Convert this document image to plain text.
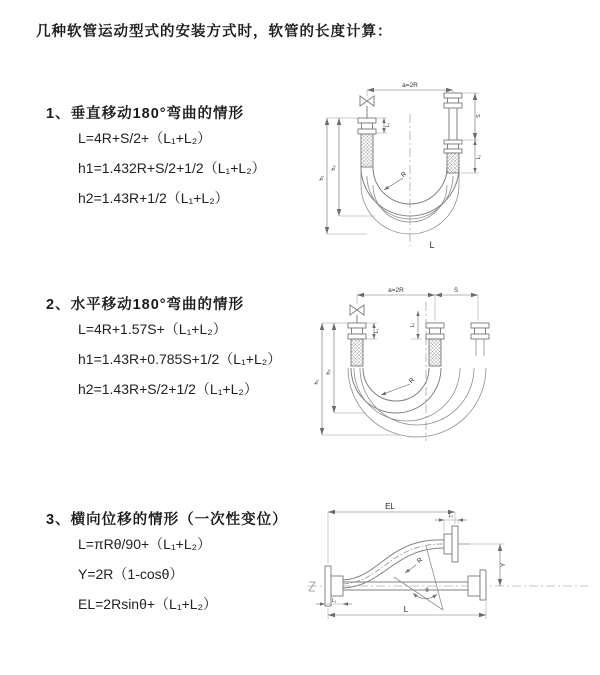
几种软管运动型式的安装方式时，软管的长度计算：
1、垂直移动180°弯曲的情形
L=4R+S/2+（L₁+L₂）
h1=1.432R+S/2+1/2（L₁+L₂）
h2=1.43R+1/2（L₁+L₂）
2、水平移动180°弯曲的情形
L=4R+1.57S+（L₁+L₂）
h1=1.43R+0.785S+1/2（L₁+L₂）
h2=1.43R+S/2+1/2（L₁+L₂）
3、横向位移的情形（一次性变位）
L=πRθ/90+（L₁+L₂）
Y=2R（1-cosθ）
EL=2Rsinθ+（L₁+L₂）
a=2R
S
L₂
h₁
h₂
L₁
R
L
a=2R	S
h₁
h₂
L₁
L₂
R
θ
R
EL
L₂
Y
L
L₁
